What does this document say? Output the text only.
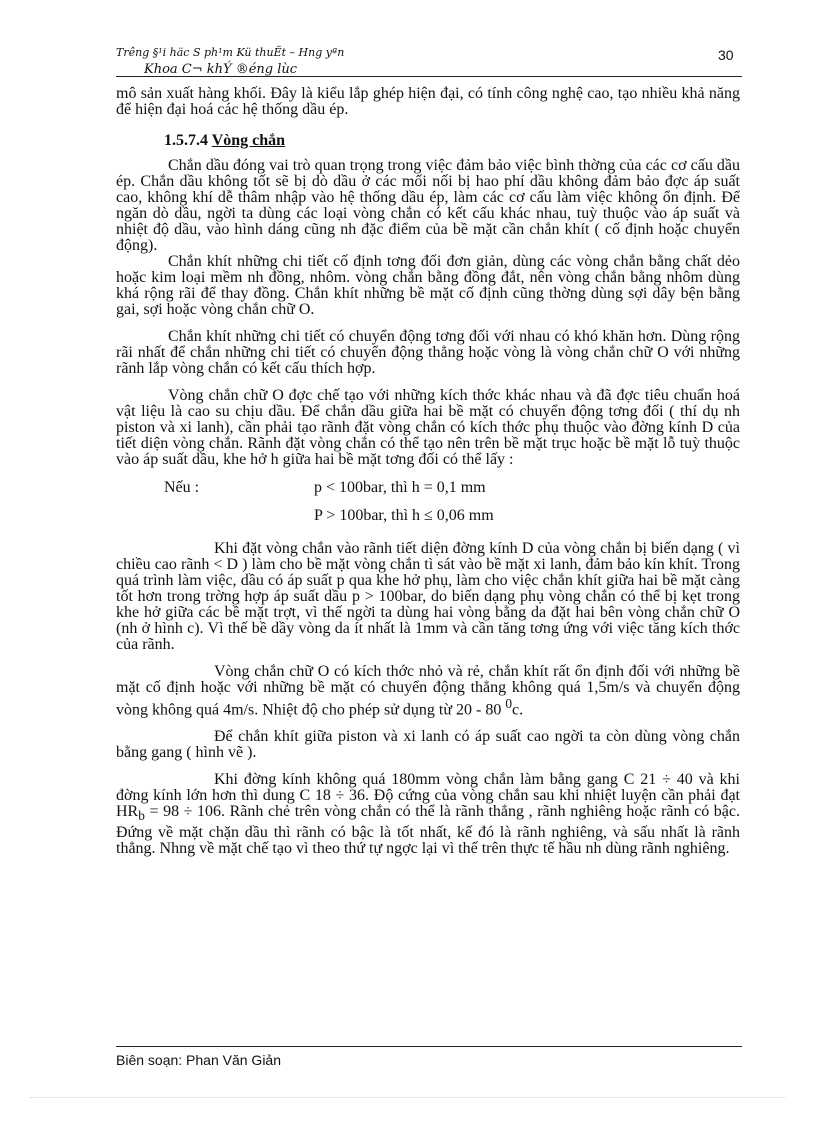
Trêng §¹i häc S ph¹m Kü thuËt – Hng yªn
Khoa C¬ khÝ ®éng lùc
30

mô sản xuất hàng khối. Đây là kiểu lắp ghép hiện đại, có tính công nghệ cao, tạo nhiều khả năng để hiện đại hoá các hệ thống dầu ép.

1.5.7.4 Vòng chắn

Chắn dầu đóng vai trò quan trọng trong việc đảm bảo việc bình thờng của các cơ cấu dầu ép. Chắn dầu không tốt sẽ bị dò dầu ở các mối nối bị hao phí dầu không đảm bảo đợc áp suất cao, không khí dễ thâm nhập vào hệ thống dầu ép, làm các cơ cấu làm việc không ổn định. Để ngăn dò dầu, ngời ta dùng các loại vòng chắn có kết cấu khác nhau, tuỳ thuộc vào áp suất và nhiệt độ dầu, vào hình dáng cũng nh đặc điểm của bề mặt cần chắn khít ( cố định hoặc chuyển động).

Chắn khít những chi tiết cố định tơng đối đơn giản, dùng các vòng chắn bằng chất dẻo hoặc kim loại mềm nh đồng, nhôm. vòng chắn bằng đồng đắt, nên vòng chắn bằng nhôm dùng khá rộng rãi để thay đồng. Chắn khít những bề mặt cố định cũng thờng dùng sợi dây bện bằng gai, sợi hoặc vòng chắn chữ O.

Chắn khít những chi tiết có chuyển động tơng đối với nhau có khó khăn hơn. Dùng rộng rãi nhất để chắn những chi tiết có chuyển động thẳng hoặc vòng là vòng chắn chữ O với những rãnh lắp vòng chắn có kết cấu thích hợp.

Vòng chắn chữ O đợc chế tạo với những kích thớc khác nhau và đã đợc tiêu chuẩn hoá vật liệu là cao su chịu dầu. Để chắn dầu giữa hai bề mặt có chuyển động tơng đối ( thí dụ nh piston và xi lanh), cần phải tạo rãnh đặt vòng chắn có kích thớc phụ thuộc vào đờng kính D của tiết diện vòng chắn. Rãnh đặt vòng chắn có thể tạo nên trên bề mặt trục hoặc bề mặt lỗ tuỳ thuộc vào áp suất dầu, khe hở h giữa hai bề mặt tơng đối có thể lấy :

Nếu :	p < 100bar, thì h = 0,1 mm
P > 100bar, thì h ≤ 0,06 mm

Khi đặt vòng chắn vào rãnh tiết diện đờng kính D của vòng chắn bị biến dạng ( vì chiều cao rãnh < D ) làm cho bề mặt vòng chắn tì sát vào bề mặt xi lanh, đảm bảo kín khít. Trong quá trình làm việc, dầu có áp suất p qua khe hở phụ, làm cho việc chắn khít giữa hai bề mặt càng tốt hơn trong trờng hợp áp suất dầu p > 100bar, do biến dạng phụ vòng chắn có thể bị kẹt trong khe hở giữa các bề mặt trợt, vì thế ngời ta dùng hai vòng bằng da đặt hai bên vòng chắn chữ O (nh ở hình c). Vì thế bề dầy vòng da ít nhất là 1mm và cần tăng tơng ứng với việc tăng kích thớc của rãnh.

Vòng chắn chữ O có kích thớc nhỏ và rẻ, chắn khít rất ổn định đối với những bề mặt cố định hoặc với những bề mặt có chuyển động thẳng không quá 1,5m/s và chuyển động vòng không quá 4m/s. Nhiệt độ cho phép sử dụng từ 20 - 80 $^0$c.

Để chắn khít giữa piston và xi lanh có áp suất cao ngời ta còn dùng vòng chắn bằng gang ( hình vẽ ).

Khi đờng kính không quá 180mm vòng chắn làm bằng gang C 21 ÷ 40 và khi đờng kính lớn hơn thì dung C 18 ÷ 36. Độ cứng của vòng chắn sau khi nhiệt luyện cần phải đạt $HR_b = 98 \div 106$. Rãnh chẻ trên vòng chắn có thể là rãnh thẳng , rãnh nghiêng hoặc rãnh có bậc. Đứng về mặt chặn dầu thì rãnh có bậc là tốt nhất, kế đó là rãnh nghiêng, và sấu nhất là rãnh thẳng. Nhng về mặt chế tạo vì theo thứ tự ngợc lại vì thế trên thực tế hầu nh dùng rãnh nghiêng.

Biên soạn: Phan Văn Giản
